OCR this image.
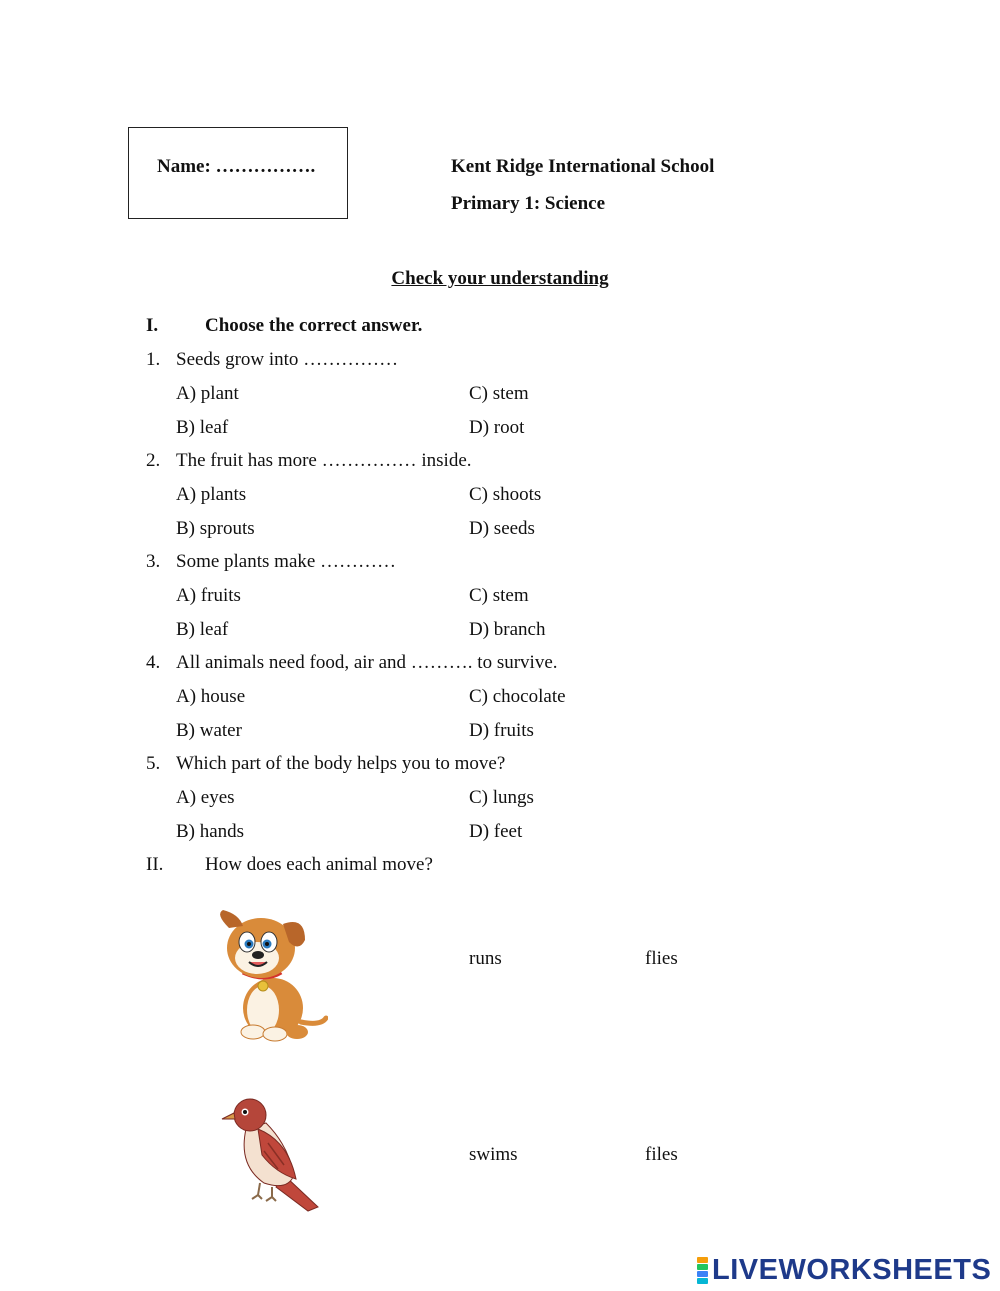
Name: …………….	Kent Ridge International School
Primary 1: Science
Check your understanding
I. Choose the correct answer.
1. Seeds grow into ……………
A) plant
B) leaf
C) stem
D) root
2. The fruit has more …………… inside.
A) plants
B) sprouts
C) shoots
D) seeds
3. Some plants make …………
A) fruits
B) leaf
C) stem
D) branch
4. All animals need food, air and ………. to survive.
A) house
B) water
C) chocolate
D) fruits
5. Which part of the body helps you to move?
A) eyes
B) hands
C) lungs
D) feet
II. How does each animal move?
runs	flies
swims	files
LIVEWORKSHEETS
